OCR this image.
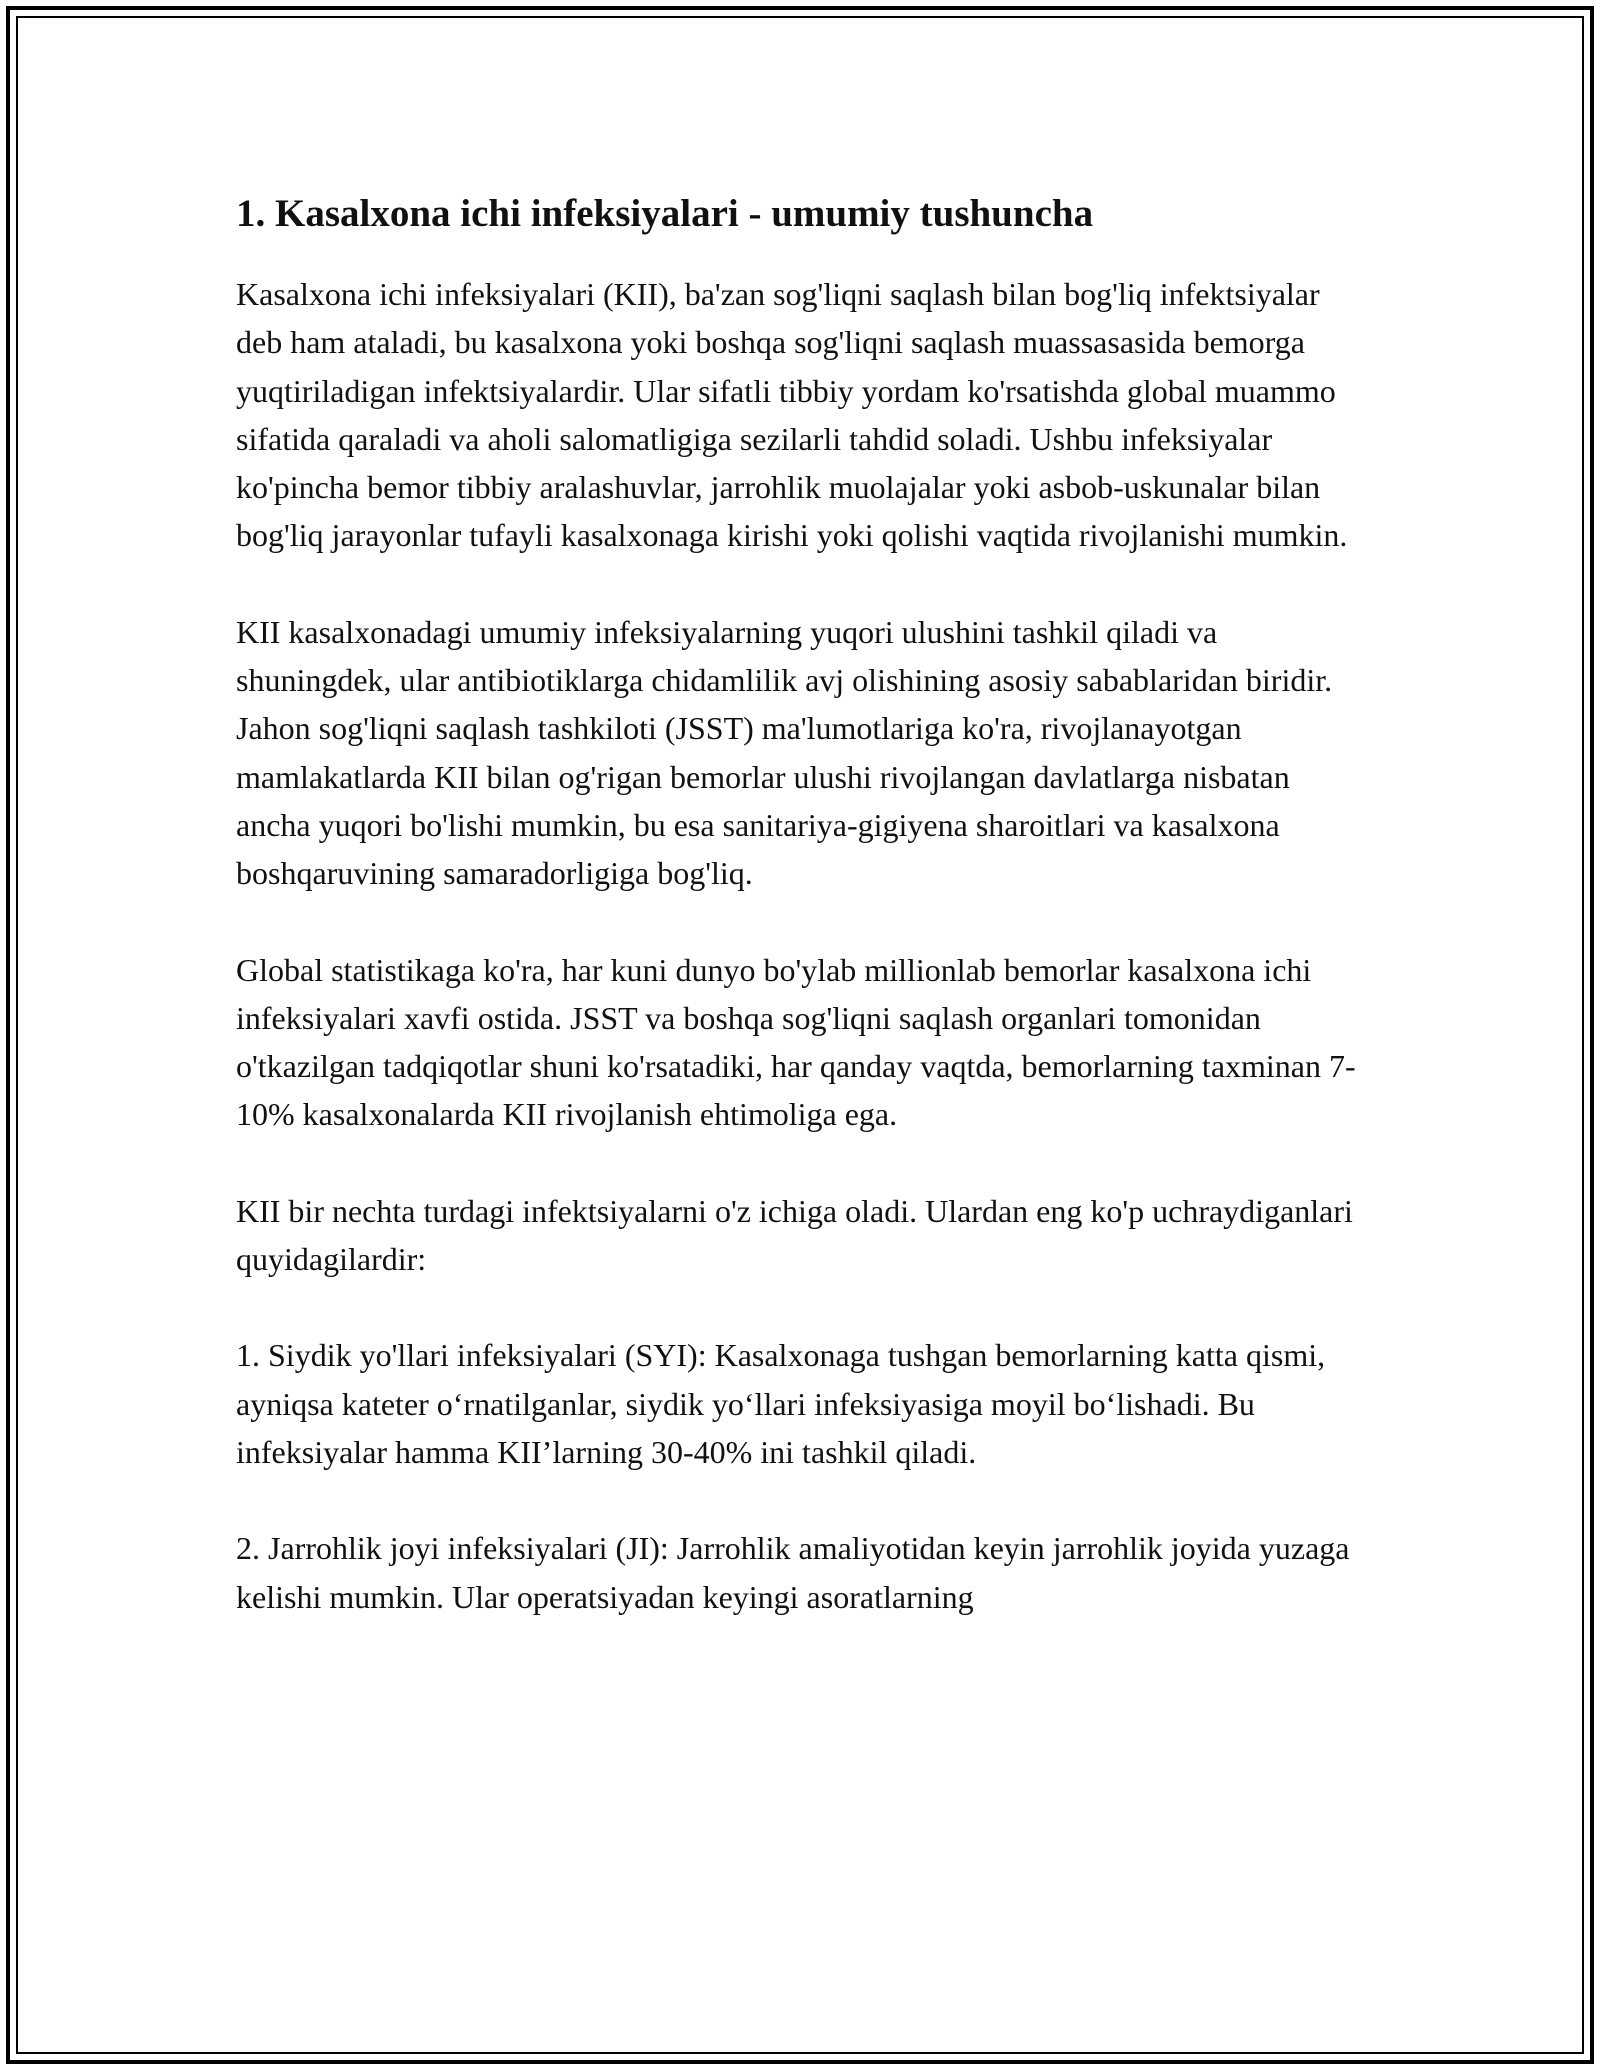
1. Kasalxona ichi infeksiyalari - umumiy tushuncha

Kasalxona ichi infeksiyalari (KII), ba'zan sog'liqni saqlash bilan bog'liq infektsiyalar deb ham ataladi, bu kasalxona yoki boshqa sog'liqni saqlash muassasasida bemorga yuqtiriladigan infektsiyalardir. Ular sifatli tibbiy yordam ko'rsatishda global muammo sifatida qaraladi va aholi salomatligiga sezilarli tahdid soladi. Ushbu infeksiyalar ko'pincha bemor tibbiy aralashuvlar, jarrohlik muolajalar yoki asbob-uskunalar bilan bog'liq jarayonlar tufayli kasalxonaga kirishi yoki qolishi vaqtida rivojlanishi mumkin.

KII kasalxonadagi umumiy infeksiyalarning yuqori ulushini tashkil qiladi va shuningdek, ular antibiotiklarga chidamlilik avj olishining asosiy sabablaridan biridir. Jahon sog'liqni saqlash tashkiloti (JSST) ma'lumotlariga ko'ra, rivojlanayotgan mamlakatlarda KII bilan og'rigan bemorlar ulushi rivojlangan davlatlarga nisbatan ancha yuqori bo'lishi mumkin, bu esa sanitariya-gigiyena sharoitlari va kasalxona boshqaruvining samaradorligiga bog'liq.

Global statistikaga ko'ra, har kuni dunyo bo'ylab millionlab bemorlar kasalxona ichi infeksiyalari xavfi ostida. JSST va boshqa sog'liqni saqlash organlari tomonidan o'tkazilgan tadqiqotlar shuni ko'rsatadiki, har qanday vaqtda, bemorlarning taxminan 7-10% kasalxonalarda KII rivojlanish ehtimoliga ega.

KII bir nechta turdagi infektsiyalarni o'z ichiga oladi. Ulardan eng ko'p uchraydiganlari quyidagilardir:

1. Siydik yo'llari infeksiyalari (SYI): Kasalxonaga tushgan bemorlarning katta qismi, ayniqsa kateter oʻrnatilganlar, siydik yoʻllari infeksiyasiga moyil boʻlishadi. Bu infeksiyalar hamma KII’larning 30-40% ini tashkil qiladi.

2. Jarrohlik joyi infeksiyalari (JI): Jarrohlik amaliyotidan keyin jarrohlik joyida yuzaga kelishi mumkin. Ular operatsiyadan keyingi asoratlarning
